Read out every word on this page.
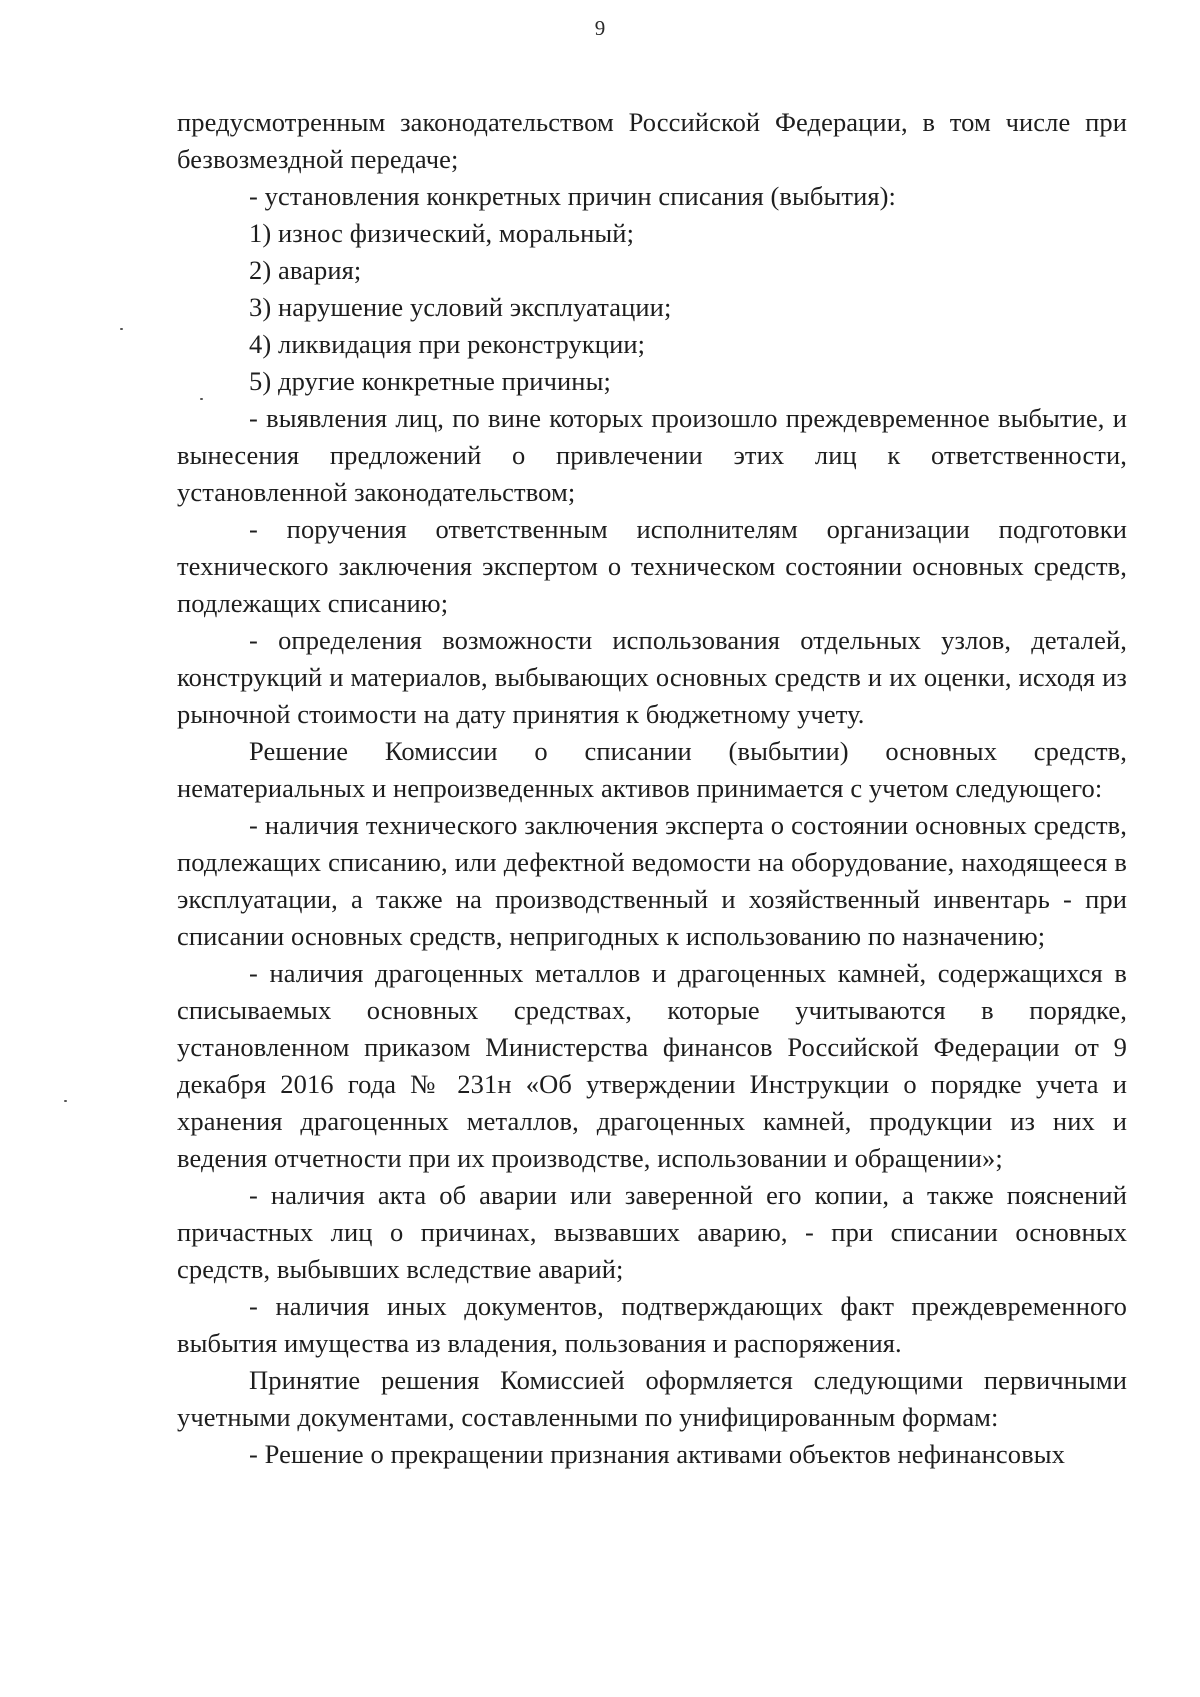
9

предусмотренным законодательством Российской Федерации, в том числе при безвозмездной передаче;

- установления конкретных причин списания (выбытия):

1) износ физический, моральный;

2) авария;

3) нарушение условий эксплуатации;

4) ликвидация при реконструкции;

5) другие конкретные причины;

- выявления лиц, по вине которых произошло преждевременное выбытие, и вынесения предложений о привлечении этих лиц к ответственности, установленной законодательством;

- поручения ответственным исполнителям организации подготовки технического заключения экспертом о техническом состоянии основных средств, подлежащих списанию;

- определения возможности использования отдельных узлов, деталей, конструкций и материалов, выбывающих основных средств и их оценки, исходя из рыночной стоимости на дату принятия к бюджетному учету.

Решение Комиссии о списании (выбытии) основных средств, нематериальных и непроизведенных активов принимается с учетом следующего:

- наличия технического заключения эксперта о состоянии основных средств, подлежащих списанию, или дефектной ведомости на оборудование, находящееся в эксплуатации, а также на производственный и хозяйственный инвентарь - при списании основных средств, непригодных к использованию по назначению;

- наличия драгоценных металлов и драгоценных камней, содержащихся в списываемых основных средствах, которые учитываются в порядке, установленном приказом Министерства финансов Российской Федерации от 9 декабря 2016 года № 231н «Об утверждении Инструкции о порядке учета и хранения драгоценных металлов, драгоценных камней, продукции из них и ведения отчетности при их производстве, использовании и обращении»;

- наличия акта об аварии или заверенной его копии, а также пояснений причастных лиц о причинах, вызвавших аварию, - при списании основных средств, выбывших вследствие аварий;

- наличия иных документов, подтверждающих факт преждевременного выбытия имущества из владения, пользования и распоряжения.

Принятие решения Комиссией оформляется следующими первичными учетными документами, составленными по унифицированным формам:

- Решение о прекращении признания активами объектов нефинансовых
